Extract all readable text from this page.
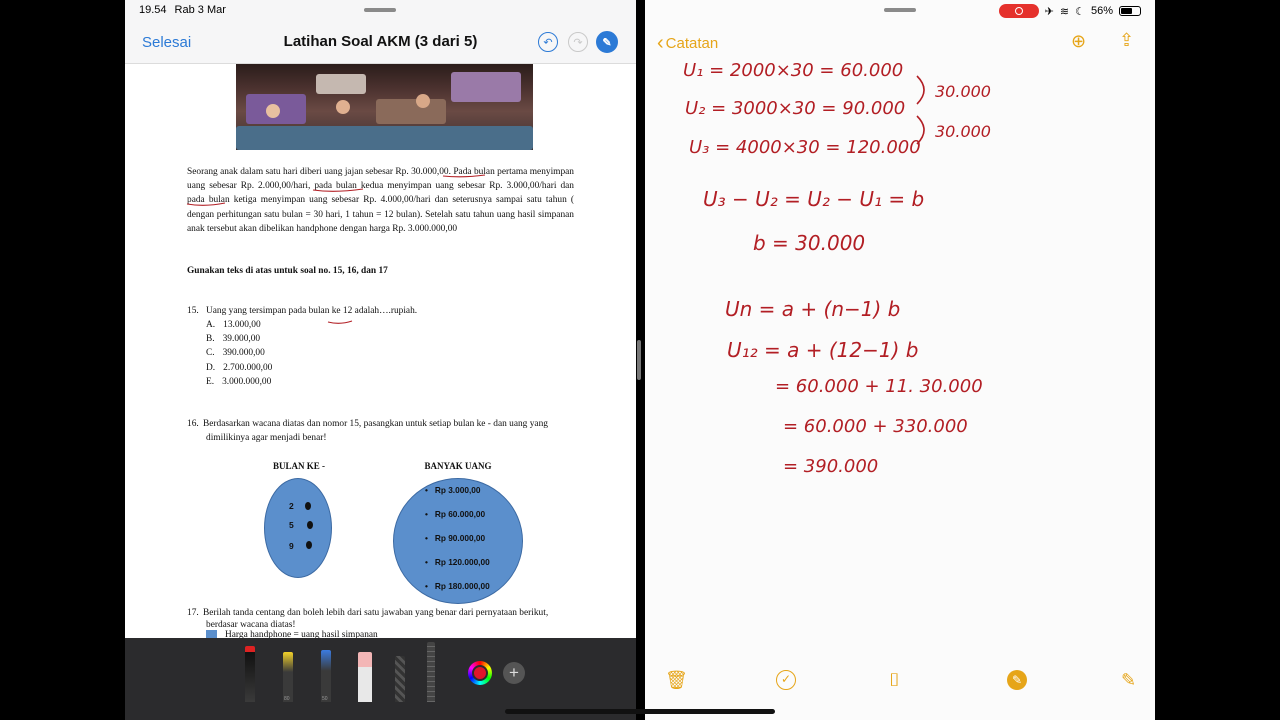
19.54 Rab 3 Mar
Selesai	Latihan Soal AKM (3 dari 5)	↶	↷	✎
Seorang anak dalam satu hari diberi uang jajan sebesar Rp. 30.000,00. Pada bulan pertama menyimpan uang sebesar Rp. 2.000,00/hari, pada bulan kedua menyimpan uang sebesar Rp. 3.000,00/hari dan pada bulan ketiga menyimpan uang sebesar Rp. 4.000,00/hari dan seterusnya sampai satu tahun ( dengan perhitungan satu bulan = 30 hari, 1 tahun = 12 bulan). Setelah satu tahun uang hasil simpanan anak tersebut akan dibelikan handphone dengan harga Rp. 3.000.000,00
Gunakan teks di atas untuk soal no. 15, 16, dan 17
15. Uang yang tersimpan pada bulan ke 12 adalah….rupiah.
A. 13.000,00
B. 39.000,00
C. 390.000,00
D. 2.700.000,00
E. 3.000.000,00
16. Berdasarkan wacana diatas dan nomor 15, pasangkan untuk setiap bulan ke - dan uang yang
dimilikinya agar menjadi benar!
BULAN KE -	BANYAK UANG
2
5
9
•   Rp 3.000,00
•   Rp 60.000,00
•   Rp 90.000,00
•   Rp 120.000,00
•   Rp 180.000,00
17. Berilah tanda centang dan boleh lebih dari satu jawaban yang benar dari pernyataan berikut,
berdasar wacana diatas!
Harga handphone = uang hasil simpanan
80	50
+
✈ ≋ ☾ 56%
‹ Catatan	⊕ ⇪
U₁ = 2000×30 = 60.000
U₂ = 3000×30 = 90.000
U₃ = 4000×30 = 120.000
30.000
30.000
U₃ − U₂ = U₂ − U₁ = b
b = 30.000
Un = a + (n−1) b
U₁₂ = a + (12−1) b
= 60.000 + 11. 30.000
= 60.000 + 330.000
= 390.000
🗑	✓	⌷	✎	✎
